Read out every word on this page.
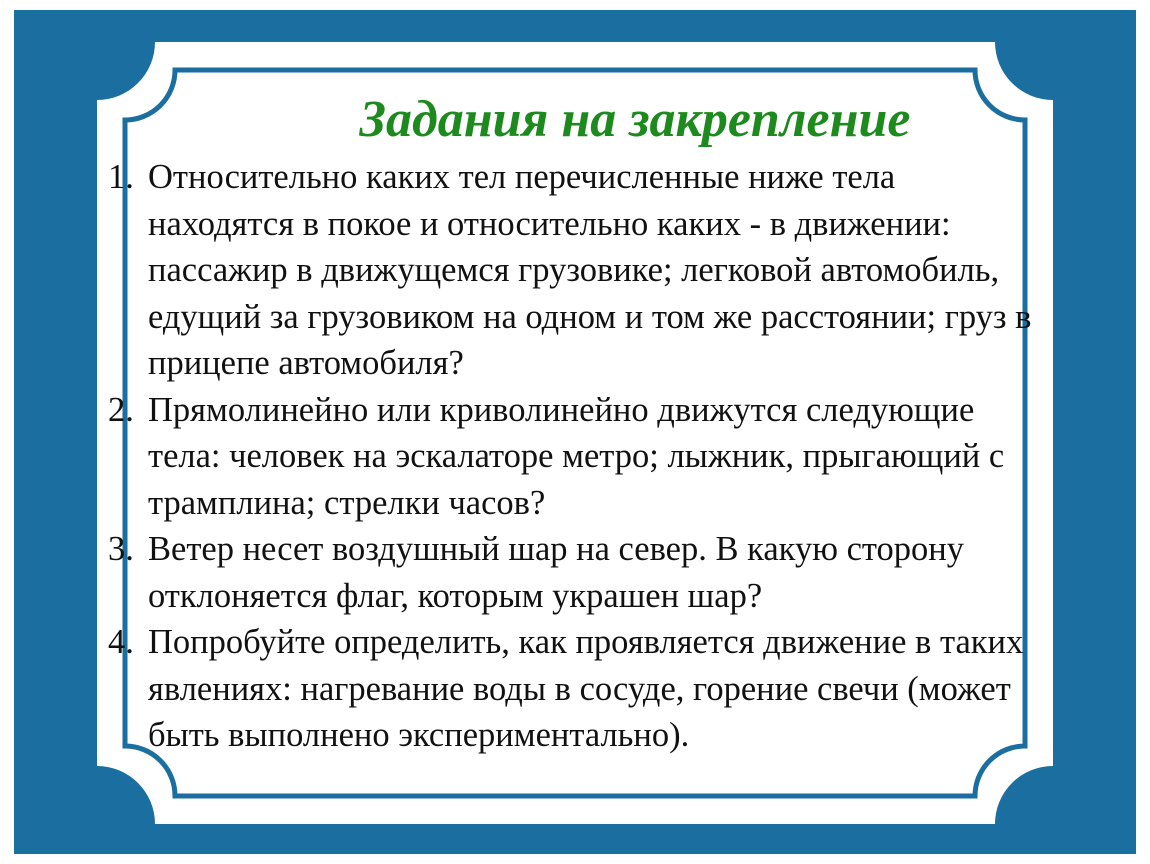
Задания на закрепление
1. Относительно каких тел перечисленные ниже тела находятся в покое и относительно каких - в движении: пассажир в движущемся грузовике; легковой автомобиль, едущий за грузовиком на одном и том же расстоянии; груз в прицепе автомобиля?
2. Прямолинейно или криволинейно движутся следующие тела: человек на эскалаторе метро; лыжник, прыгающий с трамплина; стрелки часов?
3. Ветер несет воздушный шар на север. В какую сторону отклоняется флаг, которым украшен шар?
4. Попробуйте определить, как проявляется движение в таких явлениях: нагревание воды в сосуде, горение свечи (может быть выполнено экспериментально).
